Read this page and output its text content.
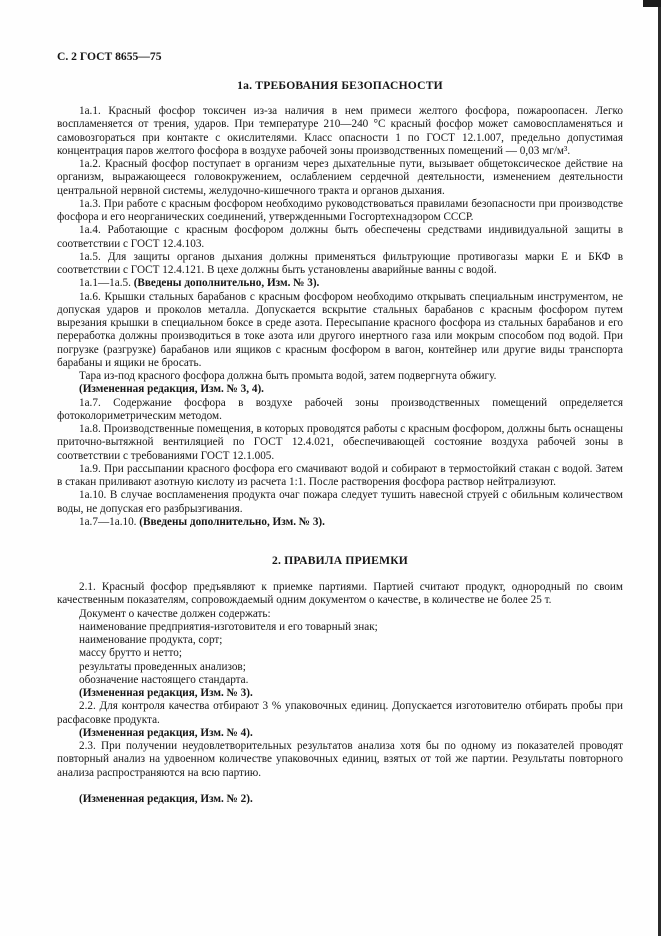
С. 2 ГОСТ 8655—75
1а. ТРЕБОВАНИЯ БЕЗОПАСНОСТИ

1а.1. Красный фосфор токсичен из-за наличия в нем примеси желтого фосфора, пожароопасен. Легко воспламеняется от трения, ударов. При температуре 210—240 °С красный фосфор может самовоспламеняться и самовозгораться при контакте с окислителями. Класс опасности 1 по ГОСТ 12.1.007, предельно допустимая концентрация паров желтого фосфора в воздухе рабочей зоны производственных помещений — 0,03 мг/м³.

1а.2. Красный фосфор поступает в организм через дыхательные пути, вызывает общетоксическое действие на организм, выражающееся головокружением, ослаблением сердечной деятельности, изменением деятельности центральной нервной системы, желудочно-кишечного тракта и органов дыхания.

1а.3. При работе с красным фосфором необходимо руководствоваться правилами безопасности при производстве фосфора и его неорганических соединений, утвержденными Госгортехнадзором СССР.

1а.4. Работающие с красным фосфором должны быть обеспечены средствами индивидуальной защиты в соответствии с ГОСТ 12.4.103.

1а.5. Для защиты органов дыхания должны применяться фильтрующие противогазы марки Е и БКФ в соответствии с ГОСТ 12.4.121. В цехе должны быть установлены аварийные ванны с водой.

1а.1—1а.5. (Введены дополнительно, Изм. № 3).

1а.6. Крышки стальных барабанов с красным фосфором необходимо открывать специальным инструментом, не допуская ударов и проколов металла. Допускается вскрытие стальных барабанов с красным фосфором путем вырезания крышки в специальном боксе в среде азота. Пересыпание красного фосфора из стальных барабанов и его переработка должны производиться в токе азота или другого инертного газа или мокрым способом под водой. При погрузке (разгрузке) барабанов или ящиков с красным фосфором в вагон, контейнер или другие виды транспорта барабаны и ящики не бросать.

Тара из-под красного фосфора должна быть промыта водой, затем подвергнута обжигу.

(Измененная редакция, Изм. № 3, 4).

1а.7. Содержание фосфора в воздухе рабочей зоны производственных помещений определяется фотоколориметрическим методом.

1а.8. Производственные помещения, в которых проводятся работы с красным фосфором, должны быть оснащены приточно-вытяжной вентиляцией по ГОСТ 12.4.021, обеспечивающей состояние воздуха рабочей зоны в соответствии с требованиями ГОСТ 12.1.005.

1а.9. При рассыпании красного фосфора его смачивают водой и собирают в термостойкий стакан с водой. Затем в стакан приливают азотную кислоту из расчета 1:1. После растворения фосфора раствор нейтрализуют.

1а.10. В случае воспламенения продукта очаг пожара следует тушить навесной струей с обильным количеством воды, не допуская его разбрызгивания.

1а.7—1а.10. (Введены дополнительно, Изм. № 3).

2. ПРАВИЛА ПРИЕМКИ

2.1. Красный фосфор предъявляют к приемке партиями. Партией считают продукт, однородный по своим качественным показателям, сопровождаемый одним документом о качестве, в количестве не более 25 т.

Документ о качестве должен содержать:

наименование предприятия-изготовителя и его товарный знак;

наименование продукта, сорт;

массу брутто и нетто;

результаты проведенных анализов;

обозначение настоящего стандарта.

(Измененная редакция, Изм. № 3).

2.2. Для контроля качества отбирают 3 % упаковочных единиц. Допускается изготовителю отбирать пробы при расфасовке продукта.

(Измененная редакция, Изм. № 4).

2.3. При получении неудовлетворительных результатов анализа хотя бы по одному из показателей проводят повторный анализ на удвоенном количестве упаковочных единиц, взятых от той же партии. Результаты повторного анализа распространяются на всю партию.

(Измененная редакция, Изм. № 2).
